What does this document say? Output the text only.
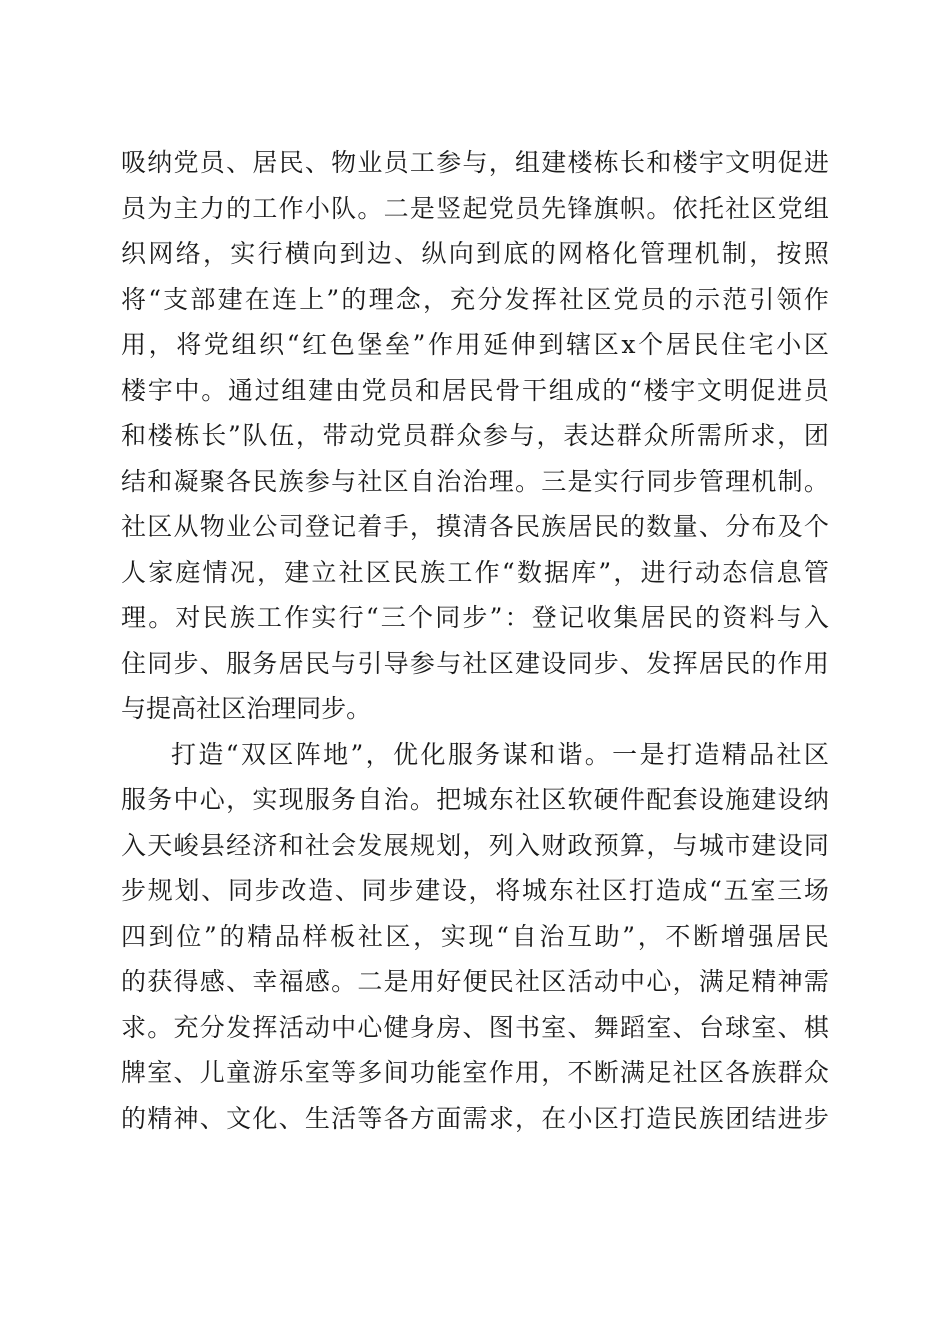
吸 纳 党 员 、 居 民 、 物 业 员 工 参 与 ， 组 建 楼 栋 长 和 楼 宇 文 明 促 进
员 为 主 力 的 工 作 小 队 。 二 是 竖 起 党 员 先 锋 旗 帜 。 依 托 社 区 党 组
织 网 络 ， 实 行 横 向 到 边 、 纵 向 到 底 的 网 格 化 管 理 机 制 ， 按 照
将 “ 支 部 建 在 连 上 ” 的 理 念 ， 充 分 发 挥 社 区 党 员 的 示 范 引 领 作
用 ， 将 党 组 织 “ 红 色 堡 垒 ” 作 用 延 伸 到 辖 区 x 个 居 民 住 宅 小 区
楼 宇 中 。 通 过 组 建 由 党 员 和 居 民 骨 干 组 成 的 “ 楼 宇 文 明 促 进 员
和 楼 栋 长 ” 队 伍 ， 带 动 党 员 群 众 参 与 ， 表 达 群 众 所 需 所 求 ， 团
结 和 凝 聚 各 民 族 参 与 社 区 自 治 治 理 。 三 是 实 行 同 步 管 理 机 制 。
社 区 从 物 业 公 司 登 记 着 手 ， 摸 清 各 民 族 居 民 的 数 量 、 分 布 及 个
人 家 庭 情 况 ， 建 立 社 区 民 族 工 作 “ 数 据 库 ” ， 进 行 动 态 信 息 管
理 。 对 民 族 工 作 实 行 “ 三 个 同 步 ” ： 登 记 收 集 居 民 的 资 料 与 入
住 同 步 、 服 务 居 民 与 引 导 参 与 社 区 建 设 同 步 、 发 挥 居 民 的 作 用
与 提 高 社 区 治 理 同 步 。
打 造 “ 双 区 阵 地 ” ， 优 化 服 务 谋 和 谐 。 一 是 打 造 精 品 社 区
服 务 中 心 ， 实 现 服 务 自 治 。 把 城 东 社 区 软 硬 件 配 套 设 施 建 设 纳
入 天 峻 县 经 济 和 社 会 发 展 规 划 ， 列 入 财 政 预 算 ， 与 城 市 建 设 同
步 规 划 、 同 步 改 造 、 同 步 建 设 ， 将 城 东 社 区 打 造 成 “ 五 室 三 场
四 到 位 ” 的 精 品 样 板 社 区 ， 实 现 “ 自 治 互 助 ” ， 不 断 增 强 居 民
的 获 得 感 、 幸 福 感 。 二 是 用 好 便 民 社 区 活 动 中 心 ， 满 足 精 神 需
求 。 充 分 发 挥 活 动 中 心 健 身 房 、 图 书 室 、 舞 蹈 室 、 台 球 室 、 棋
牌 室 、 儿 童 游 乐 室 等 多 间 功 能 室 作 用 ， 不 断 满 足 社 区 各 族 群 众
的 精 神 、 文 化 、 生 活 等 各 方 面 需 求 ， 在 小 区 打 造 民 族 团 结 进 步
